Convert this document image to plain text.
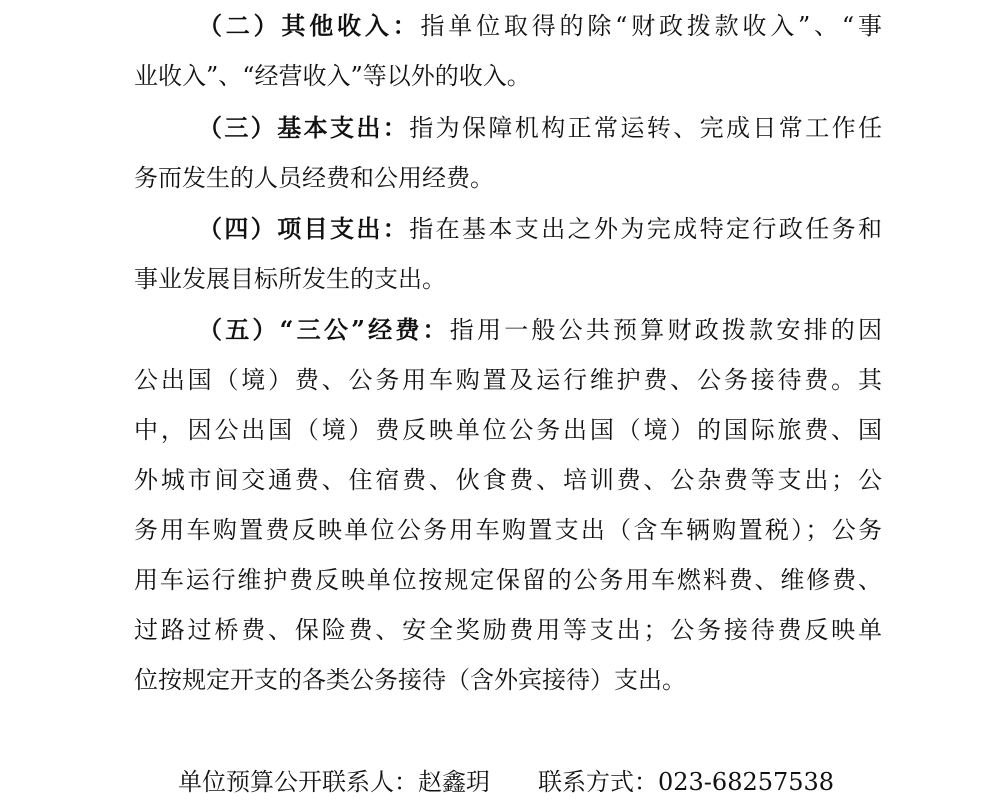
（二）其他收入：指单位取得的除“财政拨款收入”、“事
业收入”、“经营收入”等以外的收入。
（三）基本支出：指为保障机构正常运转、完成日常工作任
务而发生的人员经费和公用经费。
（四）项目支出：指在基本支出之外为完成特定行政任务和
事业发展目标所发生的支出。
（五）“三公”经费：指用一般公共预算财政拨款安排的因
公出国（境）费、公务用车购置及运行维护费、公务接待费。其
中，因公出国（境）费反映单位公务出国（境）的国际旅费、国
外城市间交通费、住宿费、伙食费、培训费、公杂费等支出；公
务用车购置费反映单位公务用车购置支出（含车辆购置税）；公务
用车运行维护费反映单位按规定保留的公务用车燃料费、维修费、
过路过桥费、保险费、安全奖励费用等支出；公务接待费反映单
位按规定开支的各类公务接待（含外宾接待）支出。
单位预算公开联系人：赵鑫玥 联系方式：023-68257538
